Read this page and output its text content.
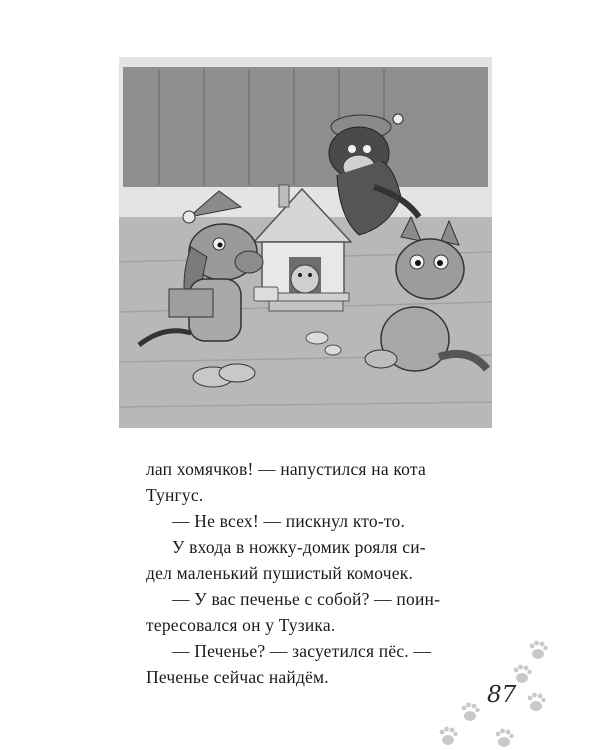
лап хомячков! — напустился на кота

Тунгус.

— Не всех! — пискнул кто-то.

У входа в ножку-домик рояля си-

дел маленький пушистый комочек.

— У вас печенье с собой? — поин-

тересовался он у Тузика.

— Печенье? — засуетился пёс. —

Печенье сейчас найдём.

87
